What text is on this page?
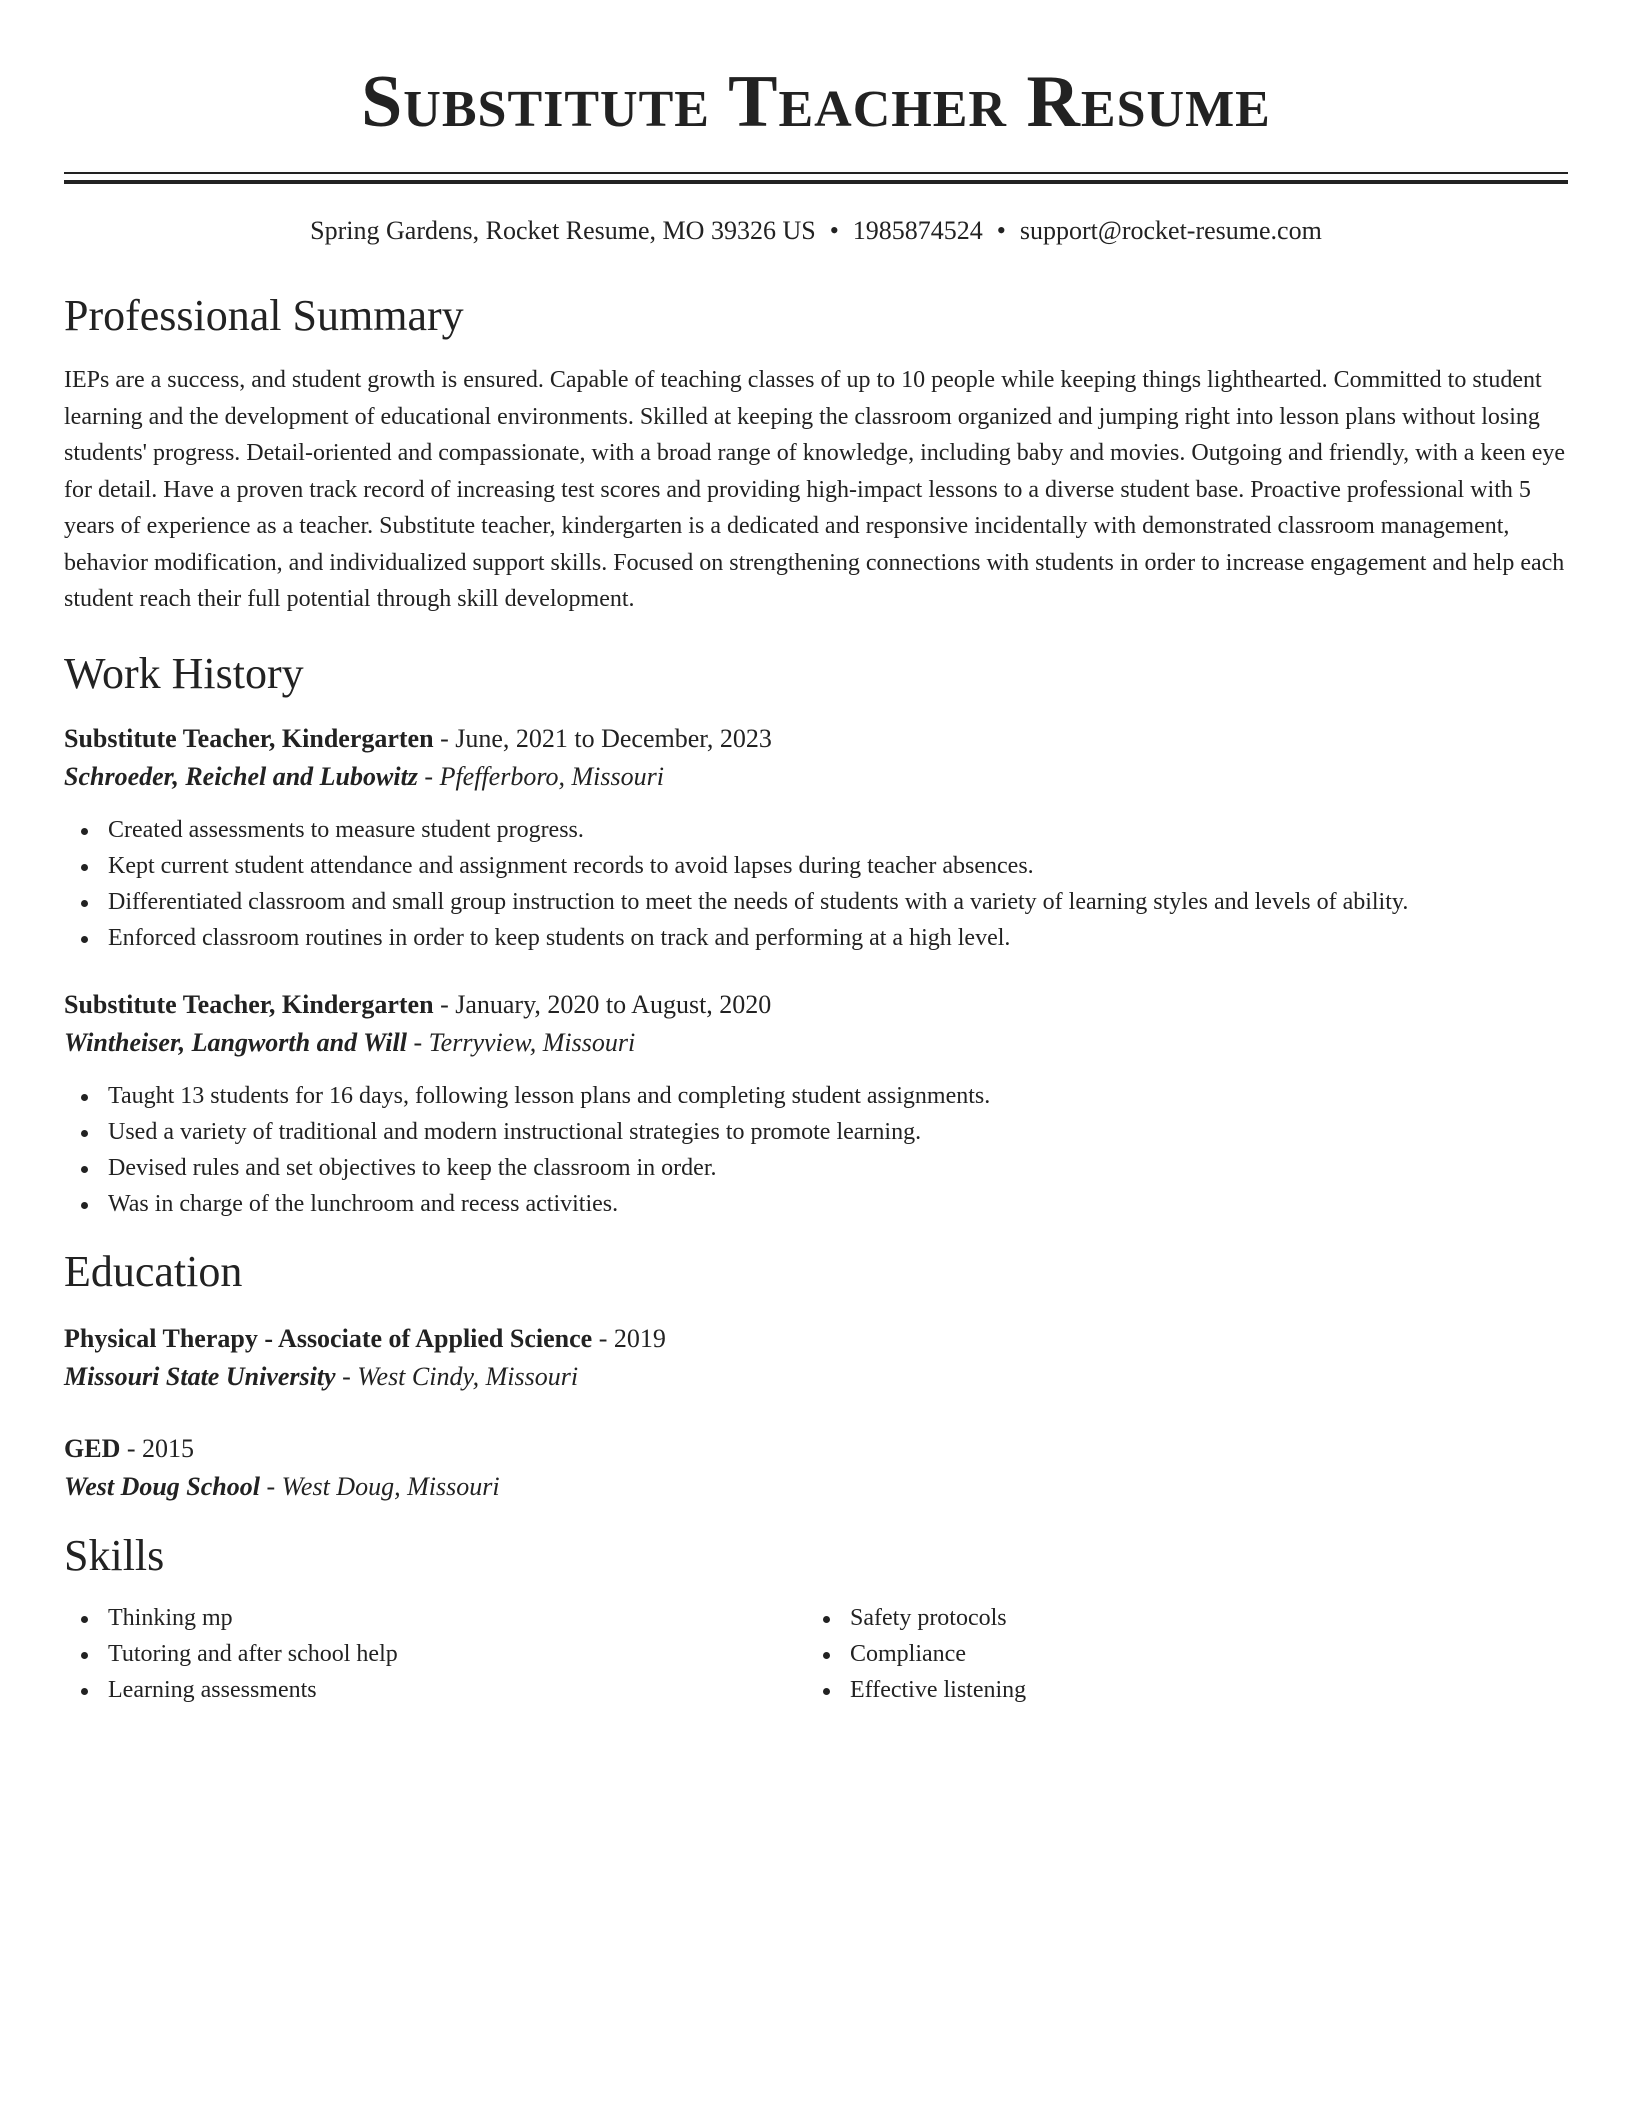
Substitute Teacher Resume
Spring Gardens, Rocket Resume, MO 39326 US • 1985874524 • support@rocket-resume.com
Professional Summary

IEPs are a success, and student growth is ensured. Capable of teaching classes of up to 10 people while keeping things lighthearted. Committed to student learning and the development of educational environments. Skilled at keeping the classroom organized and jumping right into lesson plans without losing students' progress. Detail-oriented and compassionate, with a broad range of knowledge, including baby and movies. Outgoing and friendly, with a keen eye for detail. Have a proven track record of increasing test scores and providing high-impact lessons to a diverse student base. Proactive professional with 5 years of experience as a teacher. Substitute teacher, kindergarten is a dedicated and responsive incidentally with demonstrated classroom management, behavior modification, and individualized support skills. Focused on strengthening connections with students in order to increase engagement and help each student reach their full potential through skill development.

Work History
Substitute Teacher, Kindergarten - June, 2021 to December, 2023
Schroeder, Reichel and Lubowitz - Pfefferboro, Missouri
Created assessments to measure student progress.
Kept current student attendance and assignment records to avoid lapses during teacher absences.
Differentiated classroom and small group instruction to meet the needs of students with a variety of learning styles and levels of ability.
Enforced classroom routines in order to keep students on track and performing at a high level.
Substitute Teacher, Kindergarten - January, 2020 to August, 2020
Wintheiser, Langworth and Will - Terryview, Missouri
Taught 13 students for 16 days, following lesson plans and completing student assignments.
Used a variety of traditional and modern instructional strategies to promote learning.
Devised rules and set objectives to keep the classroom in order.
Was in charge of the lunchroom and recess activities.
Education
Physical Therapy - Associate of Applied Science - 2019
Missouri State University - West Cindy, Missouri
GED - 2015
West Doug School - West Doug, Missouri
Skills
Thinking mp
Tutoring and after school help
Learning assessments
Safety protocols
Compliance
Effective listening
